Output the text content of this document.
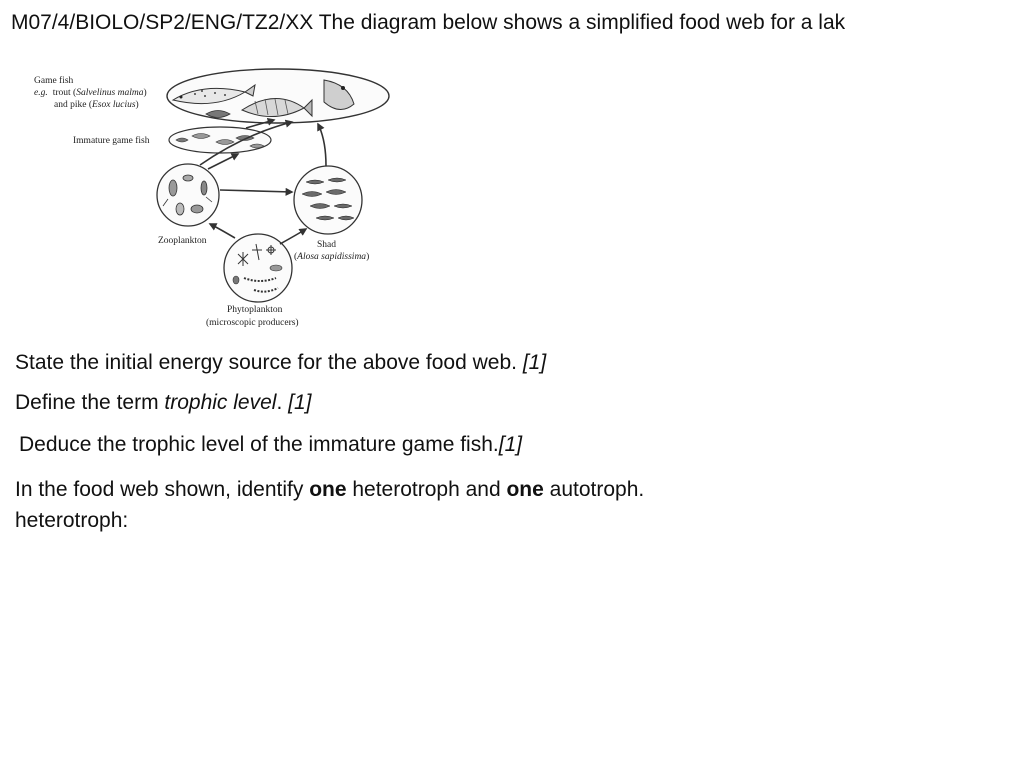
M07/4/BIOLO/SP2/ENG/TZ2/XX The diagram below shows a simplified food web for a lak
Game fish
e.g. trout (Salvelinus malma)
and pike (Esox lucius)
Immature game fish
Zooplankton	Shad
(Alosa sapidissima)
Phytoplankton
(microscopic producers)
State the initial energy source for the above food web. [1]
Define the term trophic level. [1]
Deduce the trophic level of the immature game fish.[1]
In the food web shown, identify one heterotroph and one autotroph.
heterotroph:
